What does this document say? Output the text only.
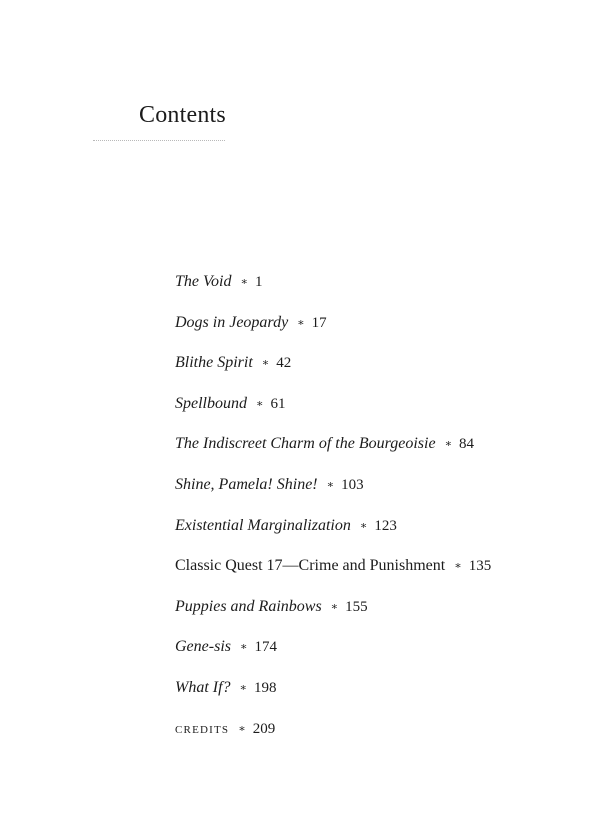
Contents
The Void ∗ 1
Dogs in Jeopardy ∗ 17
Blithe Spirit ∗ 42
Spellbound ∗ 61
The Indiscreet Charm of the Bourgeoisie ∗ 84
Shine, Pamela! Shine! ∗ 103
Existential Marginalization ∗ 123
Classic Quest 17—Crime and Punishment ∗ 135
Puppies and Rainbows ∗ 155
Gene-sis ∗ 174
What If? ∗ 198
credits ∗ 209
